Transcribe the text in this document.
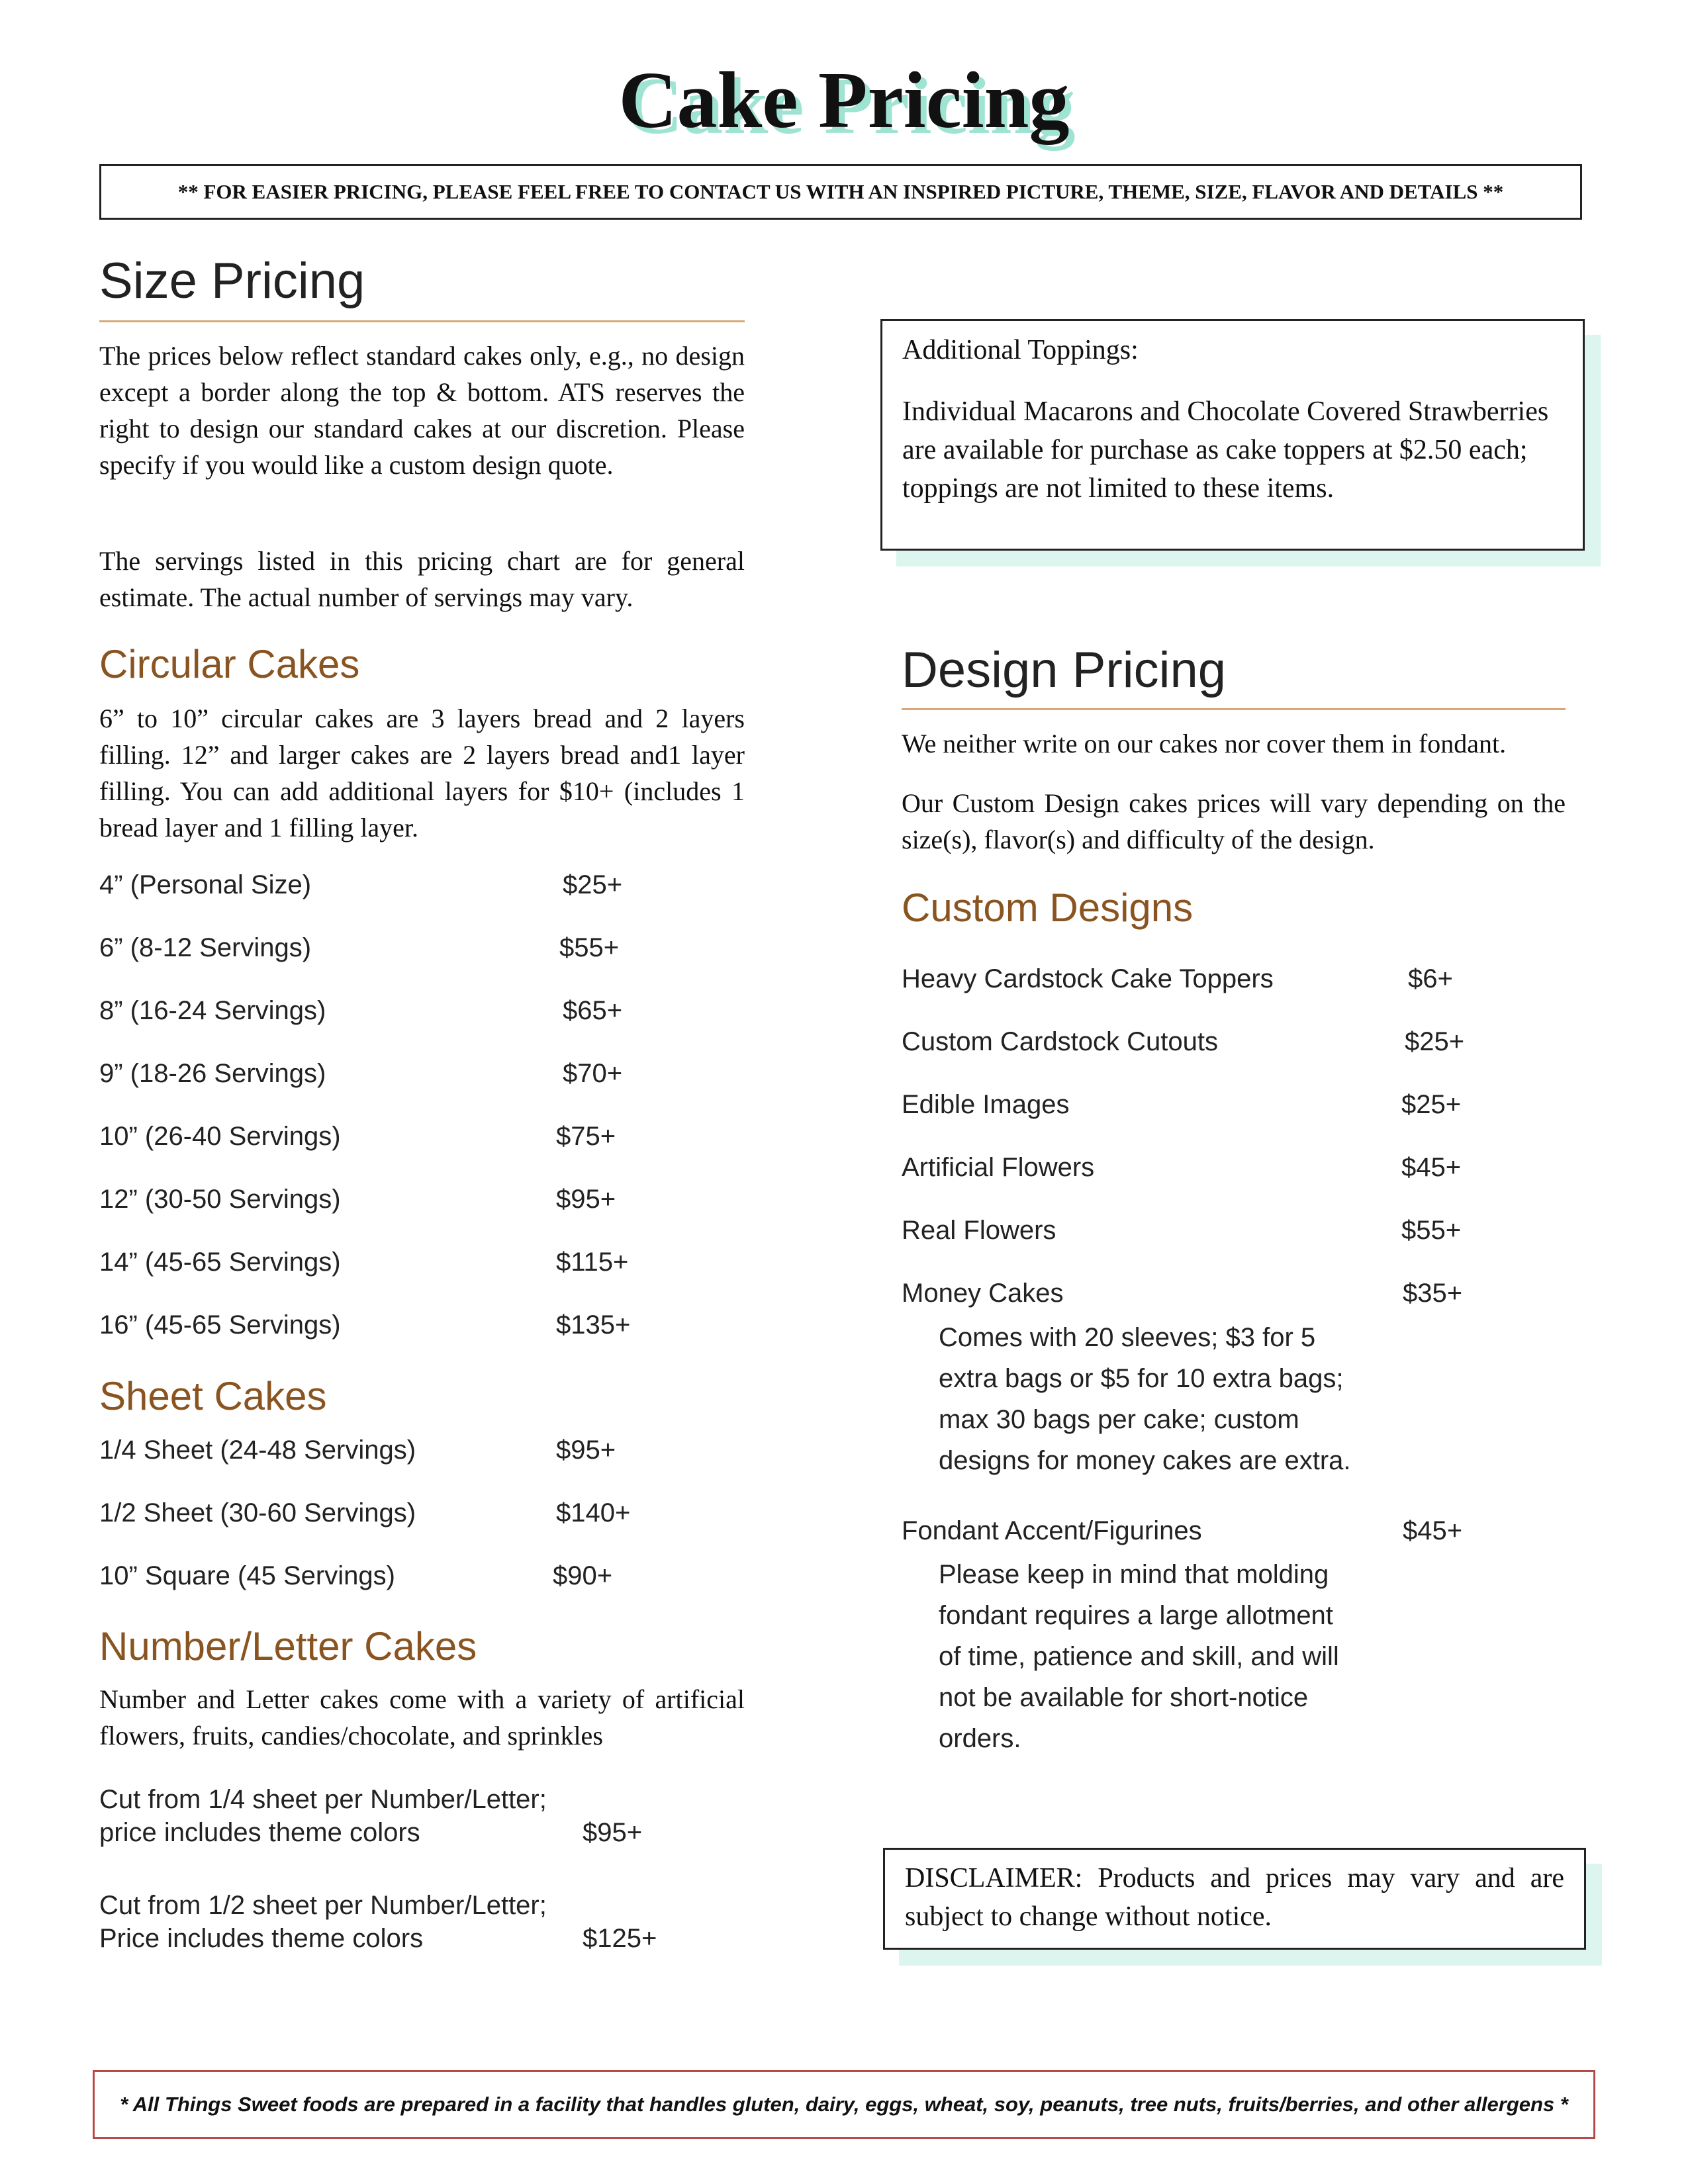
Cake Pricing
** FOR EASIER PRICING, PLEASE FEEL FREE TO CONTACT US WITH AN INSPIRED PICTURE, THEME, SIZE, FLAVOR AND DETAILS **
Size Pricing
The prices below reflect standard cakes only, e.g., no design except a border along the top & bottom. ATS reserves the right to design our standard cakes at our discretion. Please specify if you would like a custom design quote.
The servings listed in this pricing chart are for general estimate. The actual number of servings may vary.
Circular Cakes
6” to 10” circular cakes are 3 layers bread and 2 layers filling. 12” and larger cakes are 2 layers bread and1 layer filling. You can add additional layers for $10+ (includes 1 bread layer and 1 filling layer.
4” (Personal Size)	$25+
6” (8-12 Servings)	$55+
8” (16-24 Servings)	$65+
9” (18-26 Servings)	$70+
10” (26-40 Servings)	$75+
12” (30-50 Servings)	$95+
14” (45-65 Servings)	$115+
16” (45-65 Servings)	$135+
Sheet Cakes
1/4 Sheet (24-48 Servings)	$95+
1/2 Sheet (30-60 Servings)	$140+
10” Square (45 Servings)	$90+
Number/Letter Cakes
Number and Letter cakes come with a variety of artificial flowers, fruits, candies/chocolate, and sprinkles
Cut from 1/4 sheet per Number/Letter;
price includes theme colors	$95+
Cut from 1/2 sheet per Number/Letter;
Price includes theme colors	$125+
Additional Toppings:
Individual Macarons and Chocolate Covered Strawberries are available for purchase as cake toppers at $2.50 each; toppings are not limited to these items.
Design Pricing
We neither write on our cakes nor cover them in fondant.
Our Custom Design cakes prices will vary depending on the size(s), flavor(s) and difficulty of the design.
Custom Designs
Heavy Cardstock Cake Toppers	$6+
Custom Cardstock Cutouts	$25+
Edible Images	$25+
Artificial Flowers	$45+
Real Flowers	$55+
Money Cakes	$35+
Comes with 20 sleeves; $3 for 5
extra bags or $5 for 10 extra bags;
max 30 bags per cake; custom
designs for money cakes are extra.
Fondant Accent/Figurines	$45+
Please keep in mind that molding
fondant requires a large allotment
of time, patience and skill, and will
not be available for short-notice
orders.
DISCLAIMER: Products and prices may vary and are subject to change without notice.
* All Things Sweet foods are prepared in a facility that handles gluten, dairy, eggs, wheat, soy, peanuts, tree nuts, fruits/berries, and other allergens *
